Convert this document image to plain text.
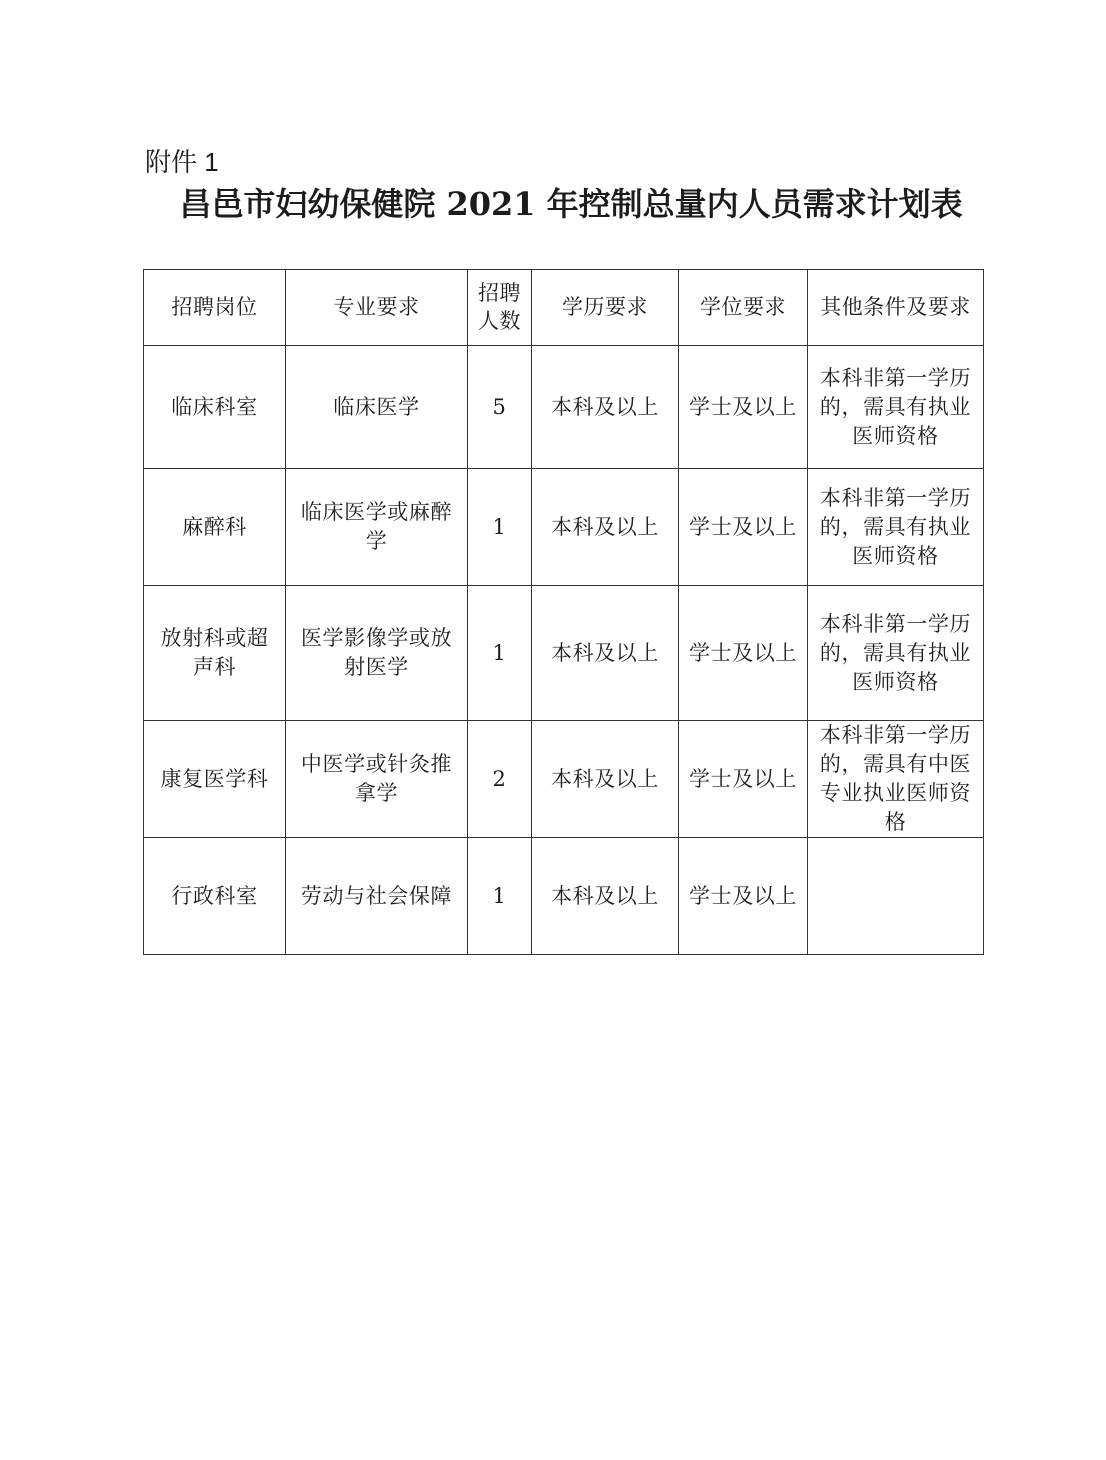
附件 1
昌邑市妇幼保健院 2021 年控制总量内人员需求计划表
招聘岗位	专业要求	招聘人数	学历要求	学位要求	其他条件及要求

临床科室	临床医学	5	本科及以上	学士及以上	本科非第一学历的，需具有执业医师资格

麻醉科	临床医学或麻醉学	1	本科及以上	学士及以上	本科非第一学历的，需具有执业医师资格

放射科或超声科	医学影像学或放射医学	1	本科及以上	学士及以上	本科非第一学历的，需具有执业医师资格

康复医学科	中医学或针灸推拿学	2	本科及以上	学士及以上	本科非第一学历的，需具有中医专业执业医师资格

行政科室	劳动与社会保障	1	本科及以上	学士及以上	
